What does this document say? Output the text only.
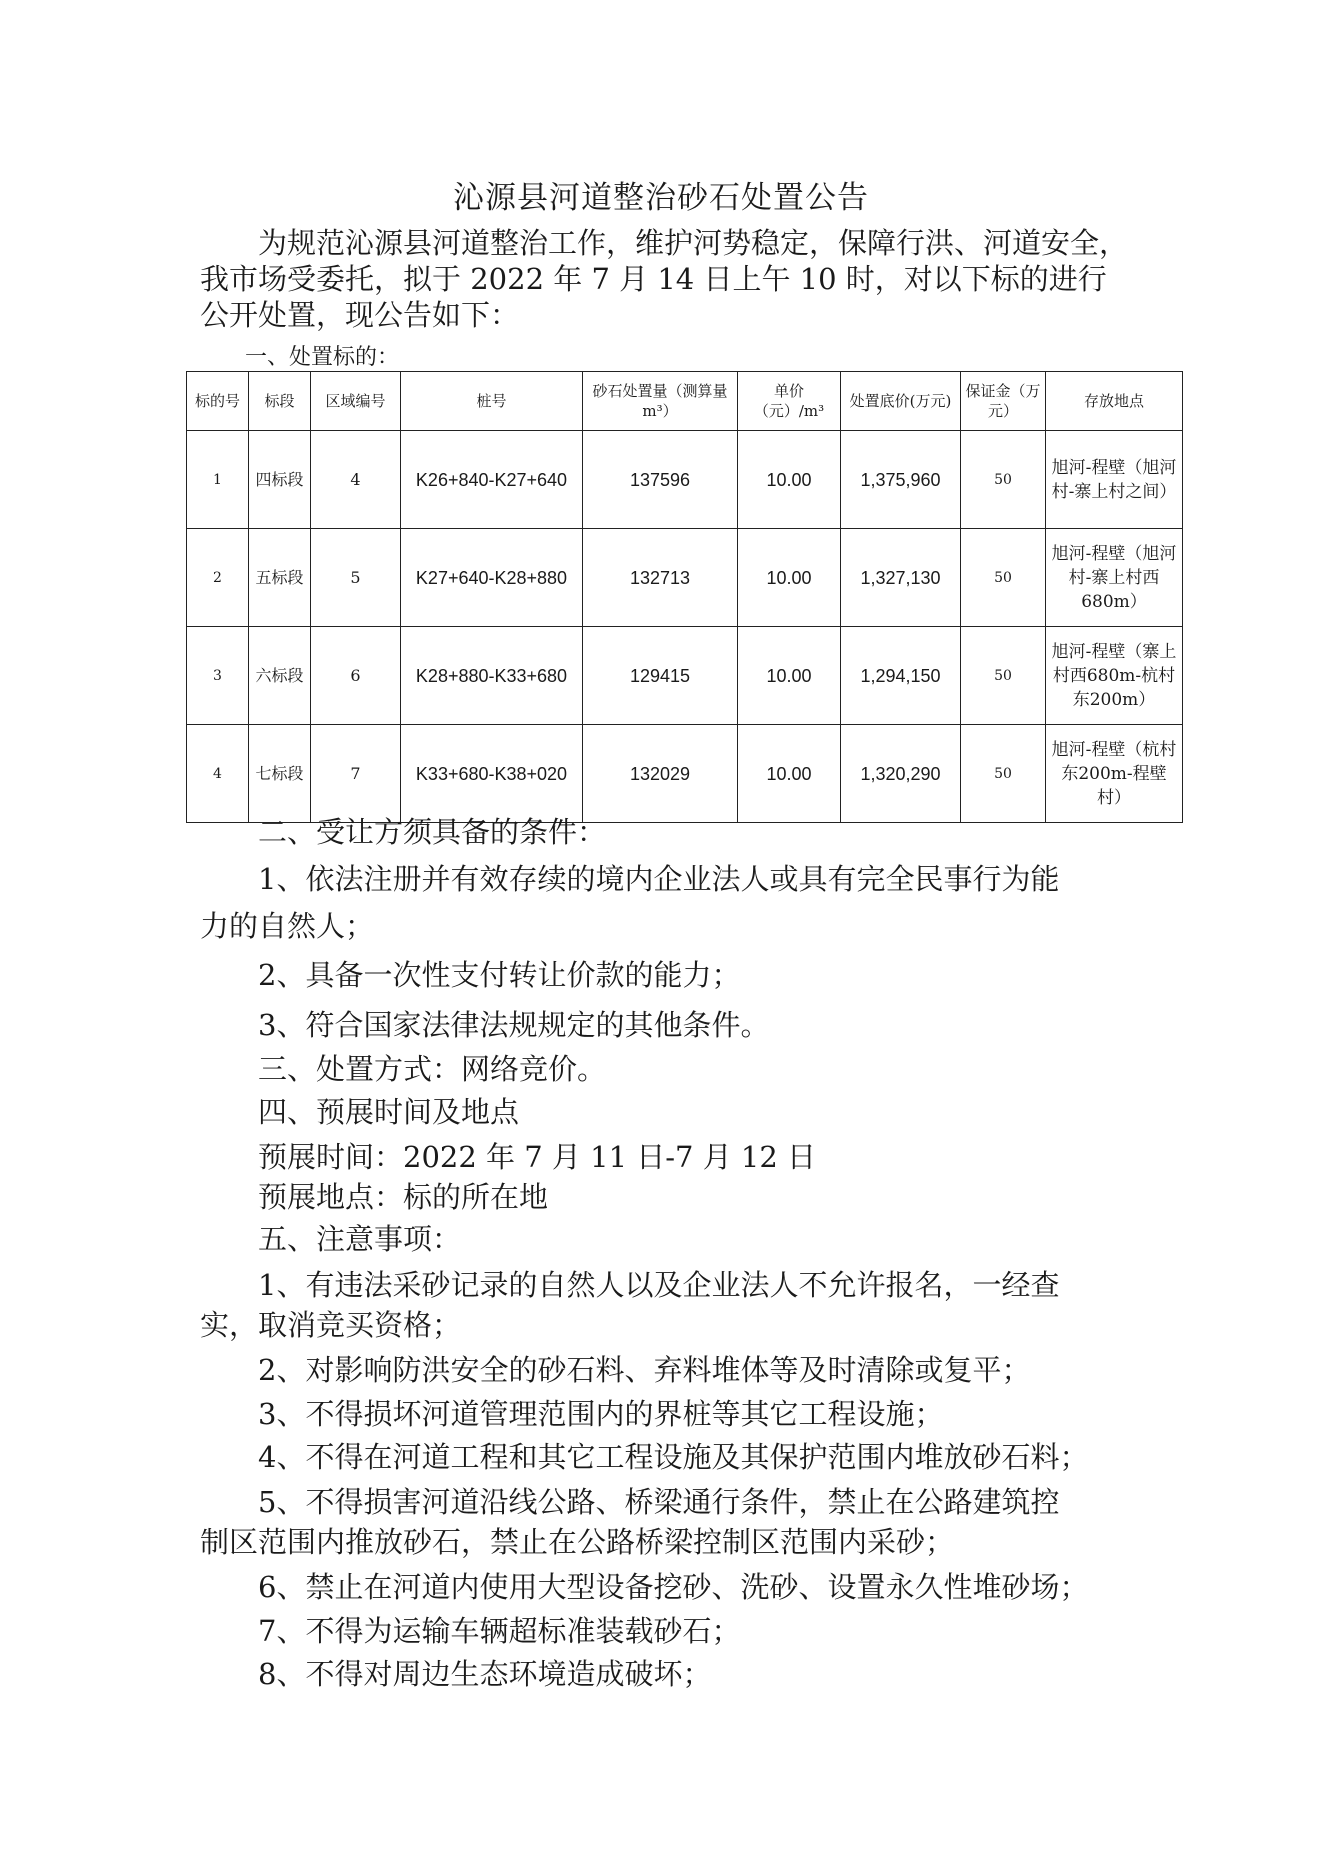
沁源县河道整治砂石处置公告
为规范沁源县河道整治工作，维护河势稳定，保障行洪、河道安全，我市场受委托，拟于 2022 年 7 月 14 日上午 10 时，对以下标的进行公开处置，现公告如下：
一、处置标的：
标的号	标段	区域编号	桩号	砂石处置量（测算量 m³）	单价（元）/m³	处置底价(万元)	保证金（万元）	存放地点
1	四标段	4	K26+840-K27+640	137596	10.00	1,375,960	50	旭河-程壁（旭河村-寨上村之间）
2	五标段	5	K27+640-K28+880	132713	10.00	1,327,130	50	旭河-程壁（旭河村-寨上村西680m）
3	六标段	6	K28+880-K33+680	129415	10.00	1,294,150	50	旭河-程壁（寨上村西680m-杭村东200m）
4	七标段	7	K33+680-K38+020	132029	10.00	1,320,290	50	旭河-程壁（杭村东200m-程壁村）
二、受让方须具备的条件：
1、依法注册并有效存续的境内企业法人或具有完全民事行为能
力的自然人；
2、具备一次性支付转让价款的能力；
3、符合国家法律法规规定的其他条件。
三、处置方式：网络竞价。
四、预展时间及地点
预展时间：2022 年 7 月 11 日-7 月 12 日
预展地点：标的所在地
五、注意事项：
1、有违法采砂记录的自然人以及企业法人不允许报名，一经查
实，取消竞买资格；
2、对影响防洪安全的砂石料、弃料堆体等及时清除或复平；
3、不得损坏河道管理范围内的界桩等其它工程设施；
4、不得在河道工程和其它工程设施及其保护范围内堆放砂石料；
5、不得损害河道沿线公路、桥梁通行条件，禁止在公路建筑控
制区范围内推放砂石，禁止在公路桥梁控制区范围内采砂；
6、禁止在河道内使用大型设备挖砂、洗砂、设置永久性堆砂场；
7、不得为运输车辆超标准装载砂石；
8、不得对周边生态环境造成破坏；
